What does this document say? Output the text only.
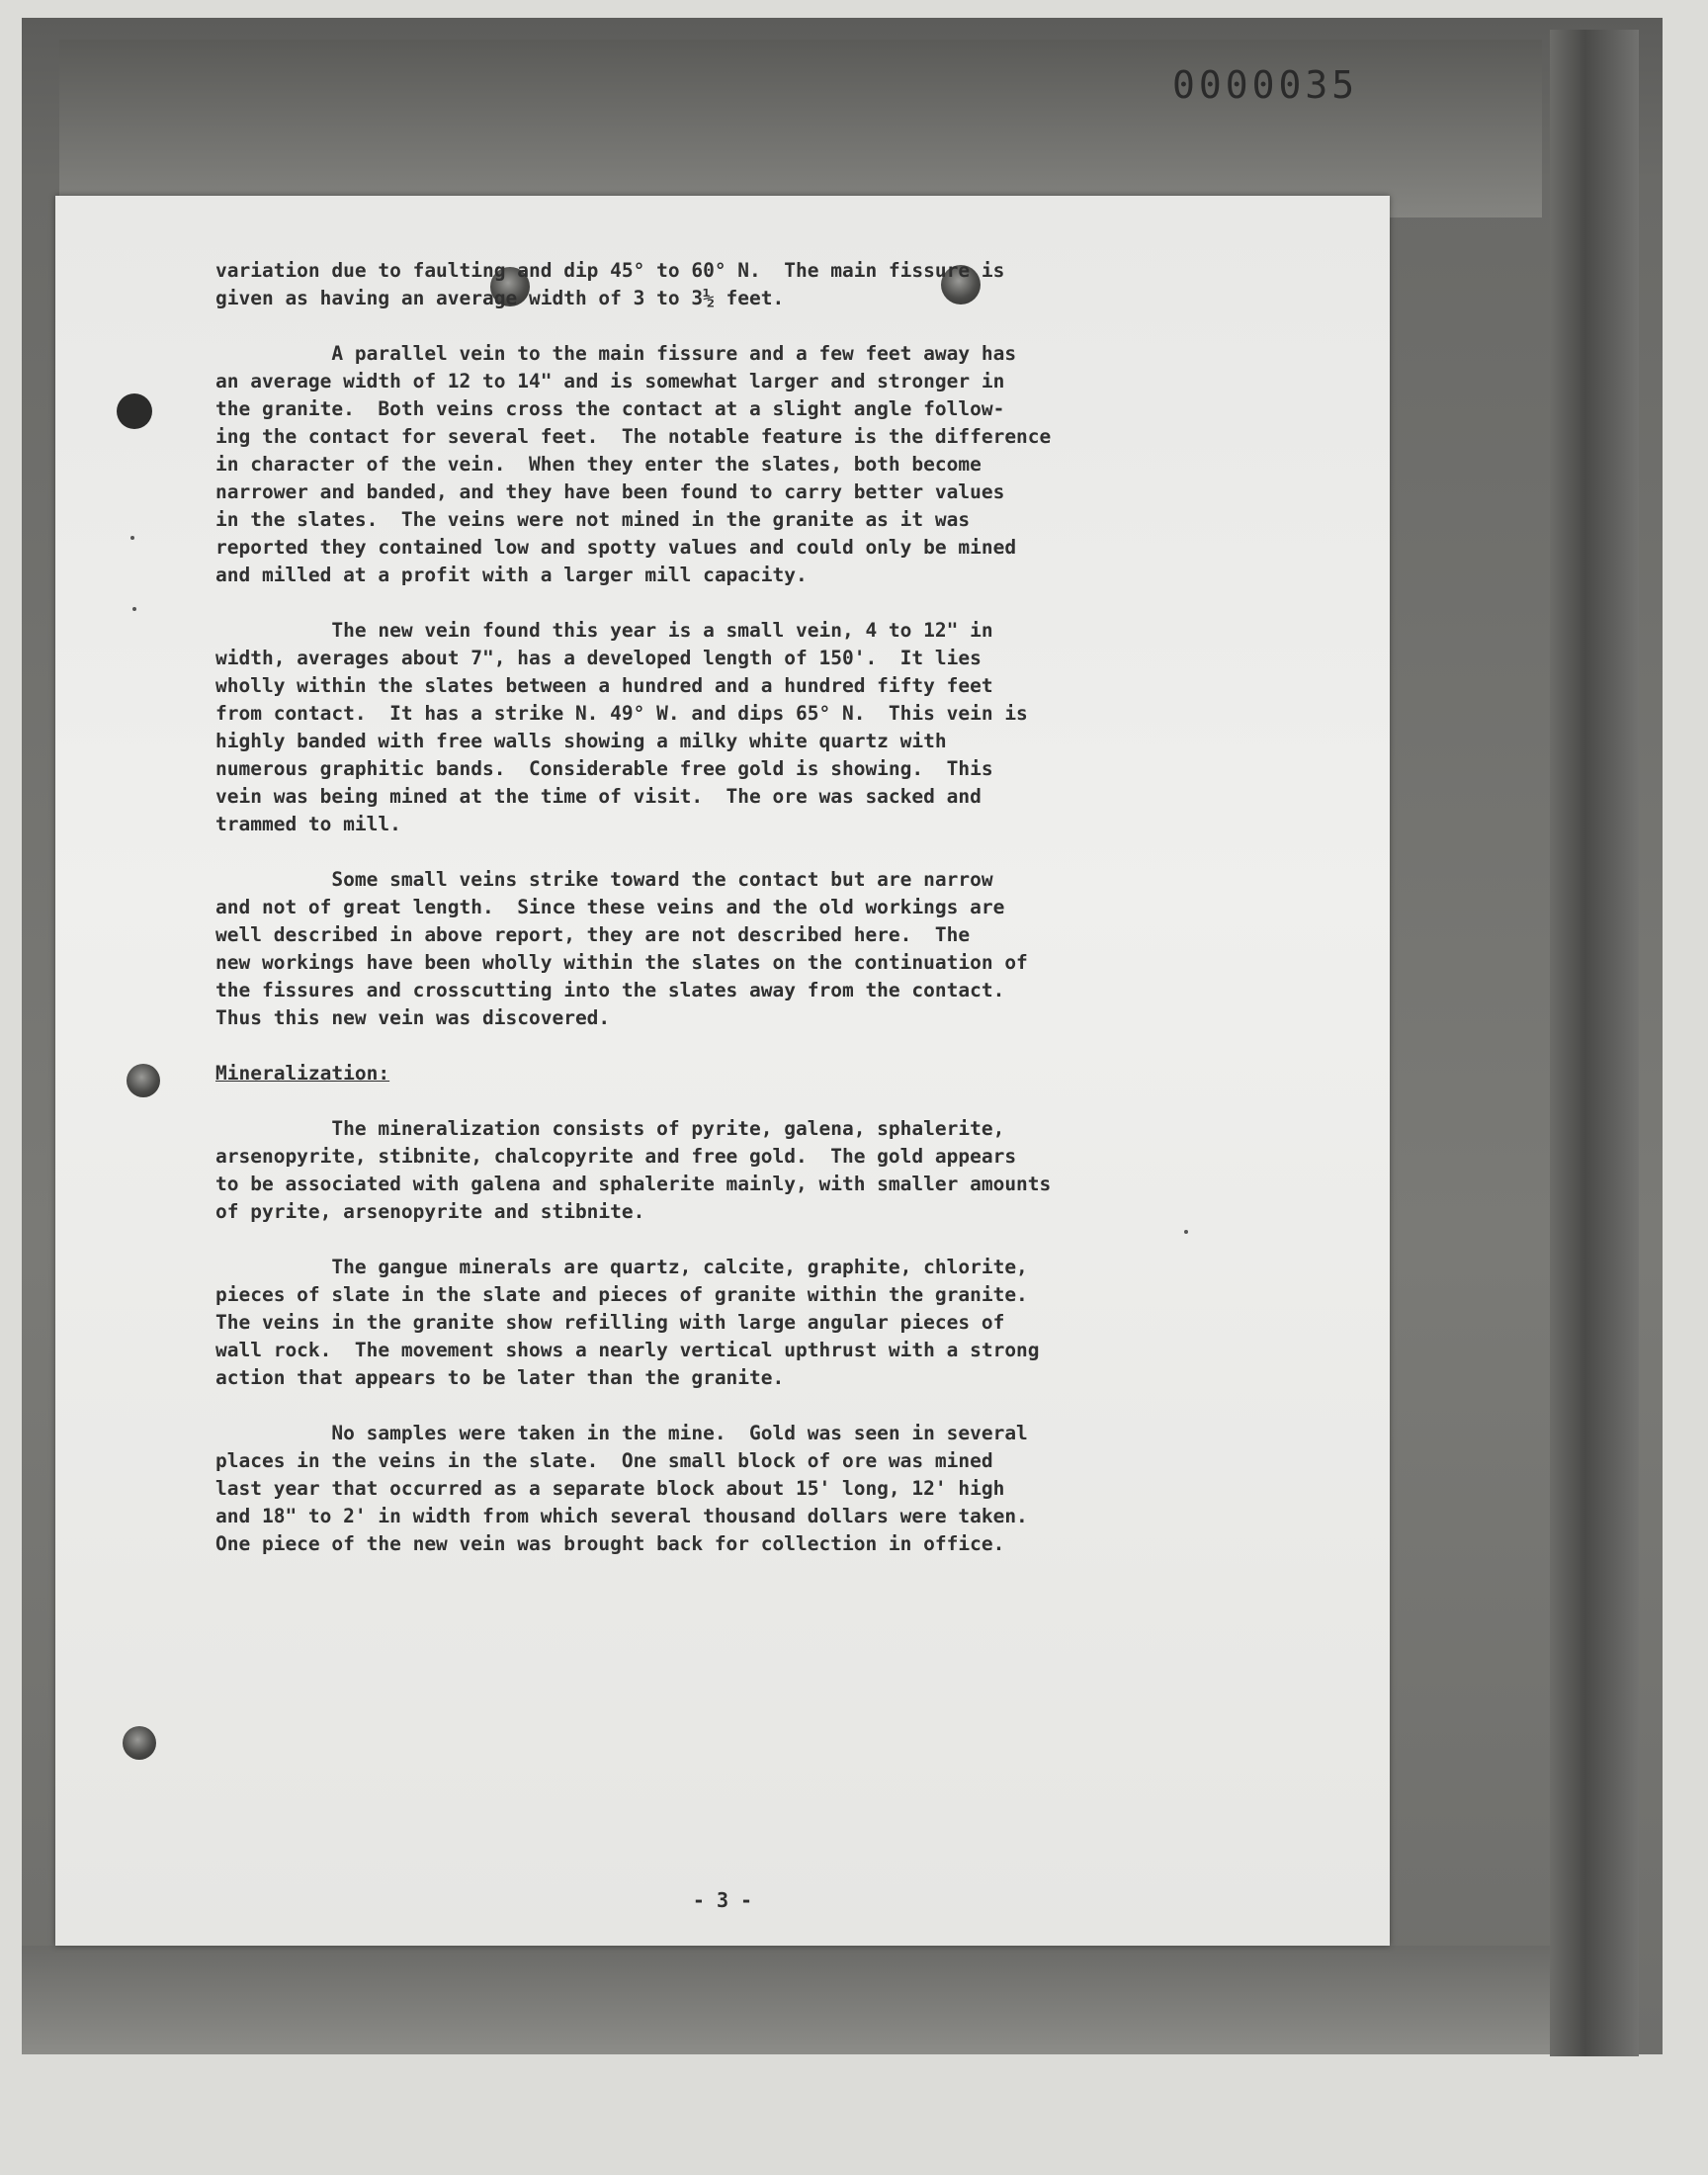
0000035
- 3 -

variation due to faulting and dip 45° to 60° N.  The main fissure is
given as having an average width of 3 to 3½ feet.

A parallel vein to the main fissure and a few feet away has
an average width of 12 to 14" and is somewhat larger and stronger in
the granite.  Both veins cross the contact at a slight angle follow-
ing the contact for several feet.  The notable feature is the difference
in character of the vein.  When they enter the slates, both become
narrower and banded, and they have been found to carry better values
in the slates.  The veins were not mined in the granite as it was
reported they contained low and spotty values and could only be mined
and milled at a profit with a larger mill capacity.

The new vein found this year is a small vein, 4 to 12" in
width, averages about 7", has a developed length of 150'.  It lies
wholly within the slates between a hundred and a hundred fifty feet
from contact.  It has a strike N. 49° W. and dips 65° N.  This vein is
highly banded with free walls showing a milky white quartz with
numerous graphitic bands.  Considerable free gold is showing.  This
vein was being mined at the time of visit.  The ore was sacked and
trammed to mill.

Some small veins strike toward the contact but are narrow
and not of great length.  Since these veins and the old workings are
well described in above report, they are not described here.  The
new workings have been wholly within the slates on the continuation of
the fissures and crosscutting into the slates away from the contact.
Thus this new vein was discovered.

Mineralization:

The mineralization consists of pyrite, galena, sphalerite,
arsenopyrite, stibnite, chalcopyrite and free gold.  The gold appears
to be associated with galena and sphalerite mainly, with smaller amounts
of pyrite, arsenopyrite and stibnite.

The gangue minerals are quartz, calcite, graphite, chlorite,
pieces of slate in the slate and pieces of granite within the granite.
The veins in the granite show refilling with large angular pieces of
wall rock.  The movement shows a nearly vertical upthrust with a strong
action that appears to be later than the granite.

No samples were taken in the mine.  Gold was seen in several
places in the veins in the slate.  One small block of ore was mined
last year that occurred as a separate block about 15' long, 12' high
and 18" to 2' in width from which several thousand dollars were taken.
One piece of the new vein was brought back for collection in office.
